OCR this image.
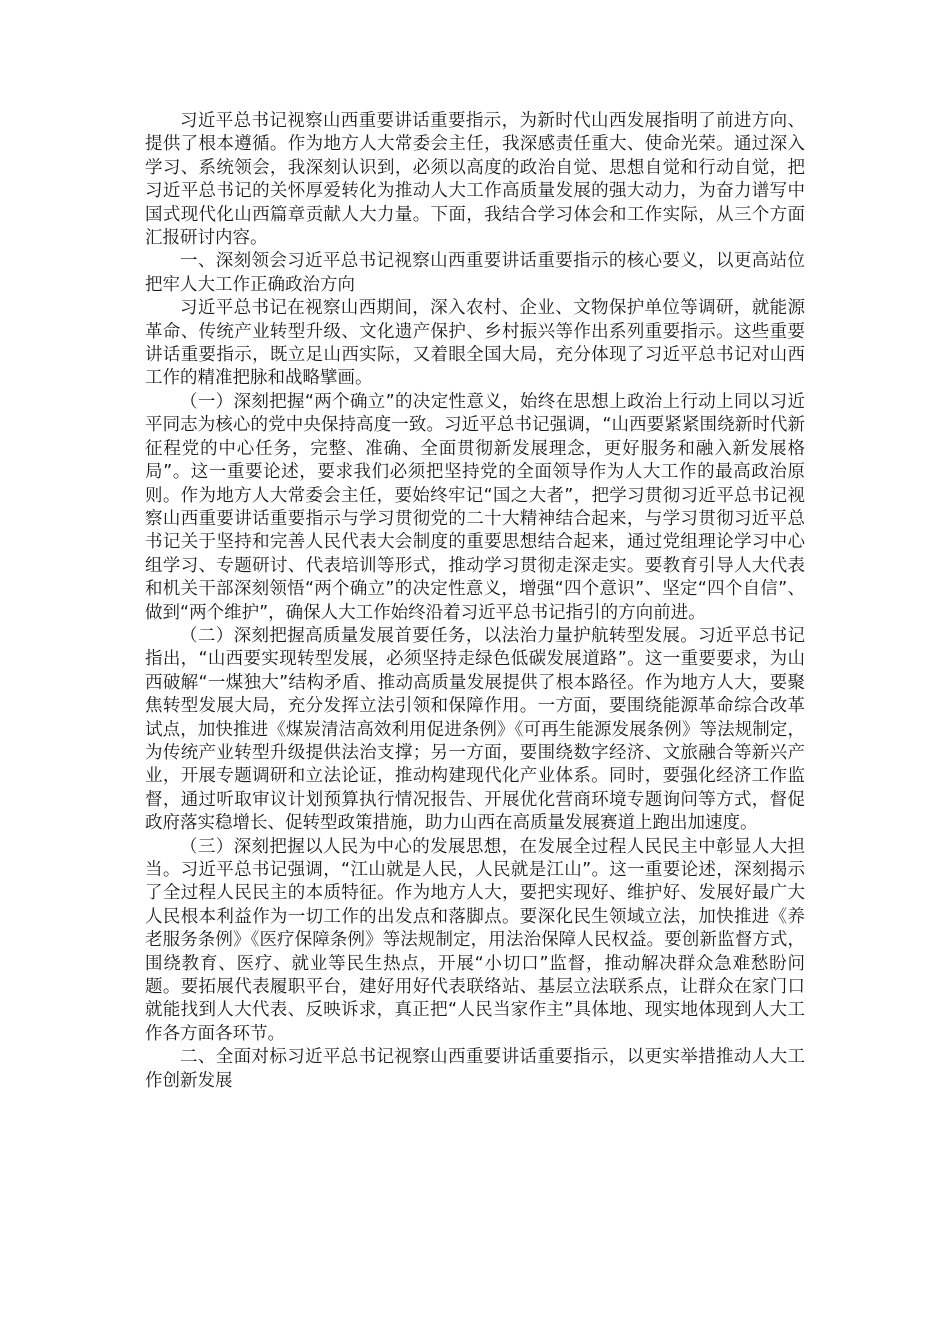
习近平总书记视察山西重要讲话重要指示，为新时代山西发展指明了前进方向、提供了根本遵循。作为地方人大常委会主任，我深感责任重大、使命光荣。通过深入学习、系统领会，我深刻认识到，必须以高度的政治自觉、思想自觉和行动自觉，把习近平总书记的关怀厚爱转化为推动人大工作高质量发展的强大动力，为奋力谱写中国式现代化山西篇章贡献人大力量。下面，我结合学习体会和工作实际，从三个方面汇报研讨内容。

一、深刻领会习近平总书记视察山西重要讲话重要指示的核心要义，以更高站位把牢人大工作正确政治方向

习近平总书记在视察山西期间，深入农村、企业、文物保护单位等调研，就能源革命、传统产业转型升级、文化遗产保护、乡村振兴等作出系列重要指示。这些重要讲话重要指示，既立足山西实际，又着眼全国大局，充分体现了习近平总书记对山西工作的精准把脉和战略擘画。

（一）深刻把握“两个确立”的决定性意义，始终在思想上政治上行动上同以习近平同志为核心的党中央保持高度一致。习近平总书记强调，“山西要紧紧围绕新时代新征程党的中心任务，完整、准确、全面贯彻新发展理念，更好服务和融入新发展格局”。这一重要论述，要求我们必须把坚持党的全面领导作为人大工作的最高政治原则。作为地方人大常委会主任，要始终牢记“国之大者”，把学习贯彻习近平总书记视察山西重要讲话重要指示与学习贯彻党的二十大精神结合起来，与学习贯彻习近平总书记关于坚持和完善人民代表大会制度的重要思想结合起来，通过党组理论学习中心组学习、专题研讨、代表培训等形式，推动学习贯彻走深走实。要教育引导人大代表和机关干部深刻领悟“两个确立”的决定性意义，增强“四个意识”、坚定“四个自信”、做到“两个维护”，确保人大工作始终沿着习近平总书记指引的方向前进。

（二）深刻把握高质量发展首要任务，以法治力量护航转型发展。习近平总书记指出，“山西要实现转型发展，必须坚持走绿色低碳发展道路”。这一重要要求，为山西破解“一煤独大”结构矛盾、推动高质量发展提供了根本路径。作为地方人大，要聚焦转型发展大局，充分发挥立法引领和保障作用。一方面，要围绕能源革命综合改革试点，加快推进《煤炭清洁高效利用促进条例》《可再生能源发展条例》等法规制定，为传统产业转型升级提供法治支撑；另一方面，要围绕数字经济、文旅融合等新兴产业，开展专题调研和立法论证，推动构建现代化产业体系。同时，要强化经济工作监督，通过听取审议计划预算执行情况报告、开展优化营商环境专题询问等方式，督促政府落实稳增长、促转型政策措施，助力山西在高质量发展赛道上跑出加速度。

（三）深刻把握以人民为中心的发展思想，在发展全过程人民民主中彰显人大担当。习近平总书记强调，“江山就是人民，人民就是江山”。这一重要论述，深刻揭示了全过程人民民主的本质特征。作为地方人大，要把实现好、维护好、发展好最广大人民根本利益作为一切工作的出发点和落脚点。要深化民生领域立法，加快推进《养老服务条例》《医疗保障条例》等法规制定，用法治保障人民权益。要创新监督方式，围绕教育、医疗、就业等民生热点，开展“小切口”监督，推动解决群众急难愁盼问题。要拓展代表履职平台，建好用好代表联络站、基层立法联系点，让群众在家门口就能找到人大代表、反映诉求，真正把“人民当家作主”具体地、现实地体现到人大工作各方面各环节。

二、全面对标习近平总书记视察山西重要讲话重要指示，以更实举措推动人大工作创新发展
